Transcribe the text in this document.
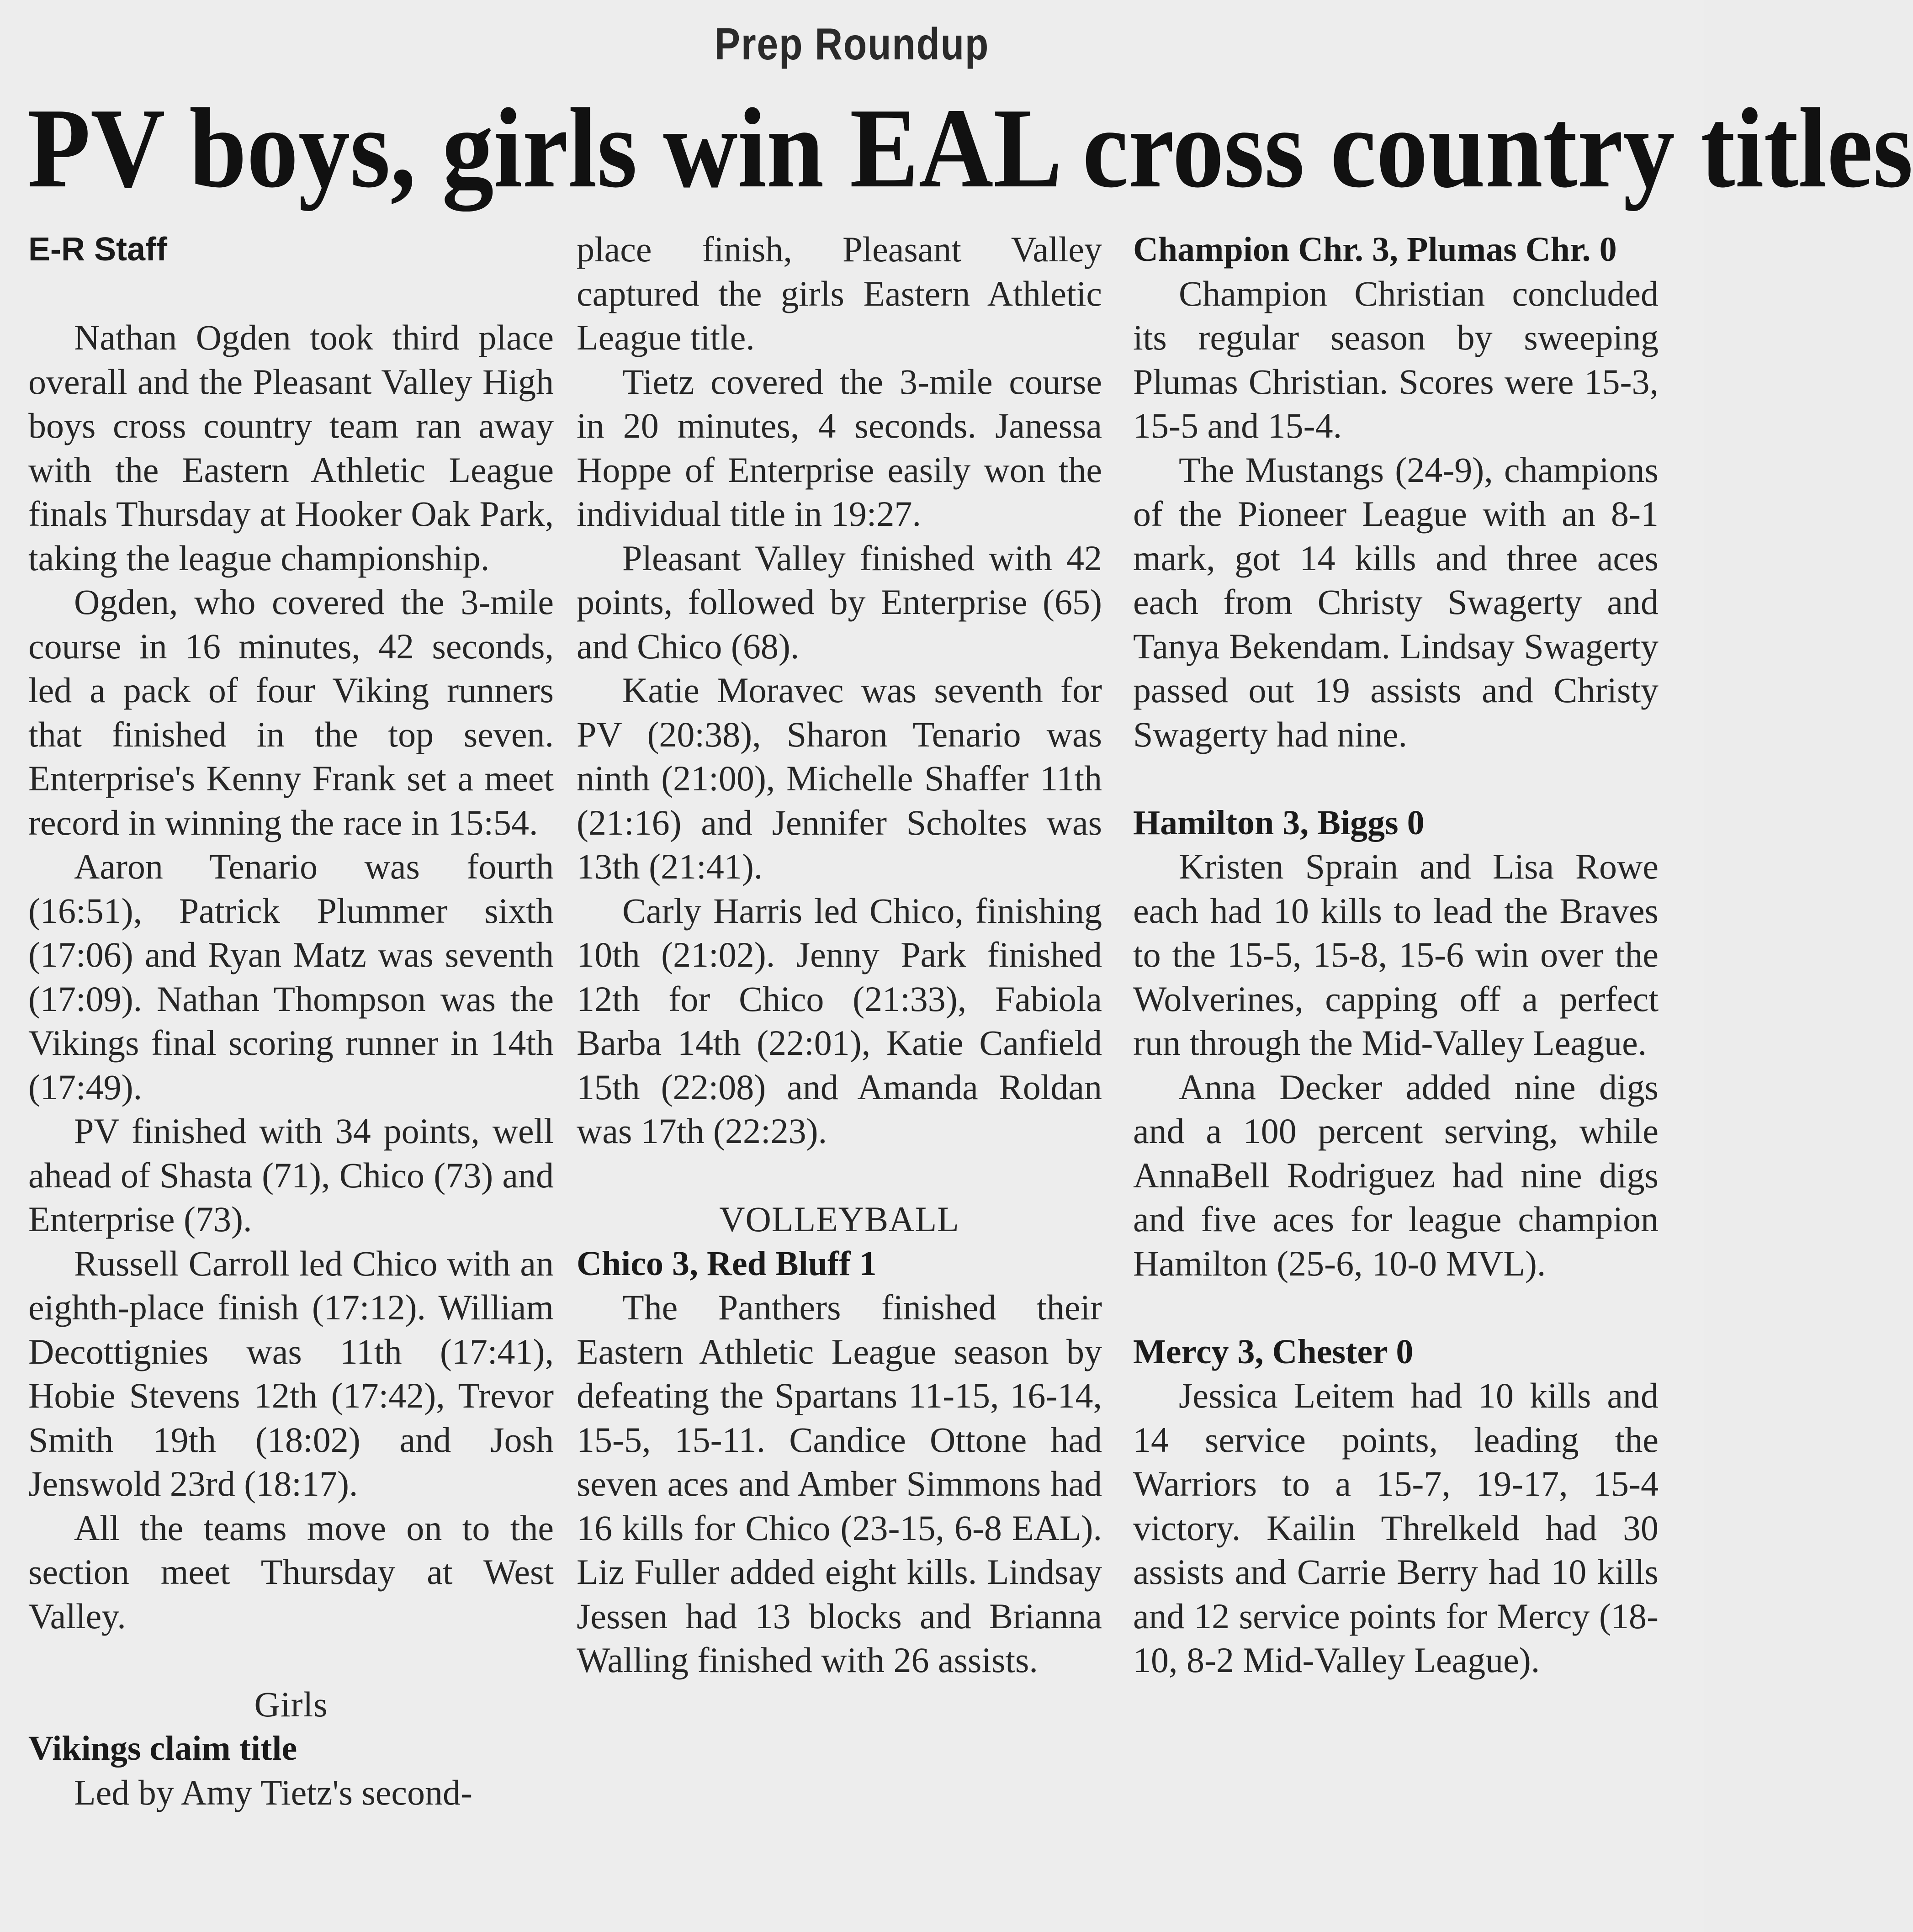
Prep Roundup
PV boys, girls win EAL cross country titles
E-R Staff

Nathan Ogden took third place overall and the Pleasant Valley High boys cross country team ran away with the Eastern Athletic League finals Thursday at Hooker Oak Park, taking the league championship.

Ogden, who covered the 3-mile course in 16 minutes, 42 seconds, led a pack of four Viking runners that finished in the top seven. Enterprise's Kenny Frank set a meet record in winning the race in 15:54.

Aaron Tenario was fourth (16:51), Patrick Plummer sixth (17:06) and Ryan Matz was seventh (17:09). Nathan Thompson was the Vikings final scoring runner in 14th (17:49).

PV finished with 34 points, well ahead of Shasta (71), Chico (73) and Enterprise (73).

Russell Carroll led Chico with an eighth-place finish (17:12). William Decottignies was 11th (17:41), Hobie Stevens 12th (17:42), Trevor Smith 19th (18:02) and Josh Jenswold 23rd (18:17).

All the teams move on to the section meet Thursday at West Valley.

Girls
Vikings claim title

Led by Amy Tietz's second-

place finish, Pleasant Valley captured the girls Eastern Athletic League title.

Tietz covered the 3-mile course in 20 minutes, 4 seconds. Janessa Hoppe of Enterprise easily won the individual title in 19:27.

Pleasant Valley finished with 42 points, followed by Enterprise (65) and Chico (68).

Katie Moravec was seventh for PV (20:38), Sharon Tenario was ninth (21:00), Michelle Shaffer 11th (21:16) and Jennifer Scholtes was 13th (21:41).

Carly Harris led Chico, finishing 10th (21:02). Jenny Park finished 12th for Chico (21:33), Fabiola Barba 14th (22:01), Katie Canfield 15th (22:08) and Amanda Roldan was 17th (22:23).

VOLLEYBALL
Chico 3, Red Bluff 1

The Panthers finished their Eastern Athletic League season by defeating the Spartans 11-15, 16-14, 15-5, 15-11. Candice Ottone had seven aces and Amber Simmons had 16 kills for Chico (23-15, 6-8 EAL). Liz Fuller added eight kills. Lindsay Jessen had 13 blocks and Brianna Walling finished with 26 assists.

Champion Chr. 3, Plumas Chr. 0

Champion Christian concluded its regular season by sweeping Plumas Christian. Scores were 15-3, 15-5 and 15-4.

The Mustangs (24-9), champions of the Pioneer League with an 8-1 mark, got 14 kills and three aces each from Christy Swagerty and Tanya Bekendam. Lindsay Swagerty passed out 19 assists and Christy Swagerty had nine.

Hamilton 3, Biggs 0

Kristen Sprain and Lisa Rowe each had 10 kills to lead the Braves to the 15-5, 15-8, 15-6 win over the Wolverines, capping off a perfect run through the Mid-Valley League.

Anna Decker added nine digs and a 100 percent serving, while AnnaBell Rodriguez had nine digs and five aces for league champion Hamilton (25-6, 10-0 MVL).

Mercy 3, Chester 0

Jessica Leitem had 10 kills and 14 service points, leading the Warriors to a 15-7, 19-17, 15-4 victory. Kailin Threlkeld had 30 assists and Carrie Berry had 10 kills and 12 service points for Mercy (18-10, 8-2 Mid-Valley League).
